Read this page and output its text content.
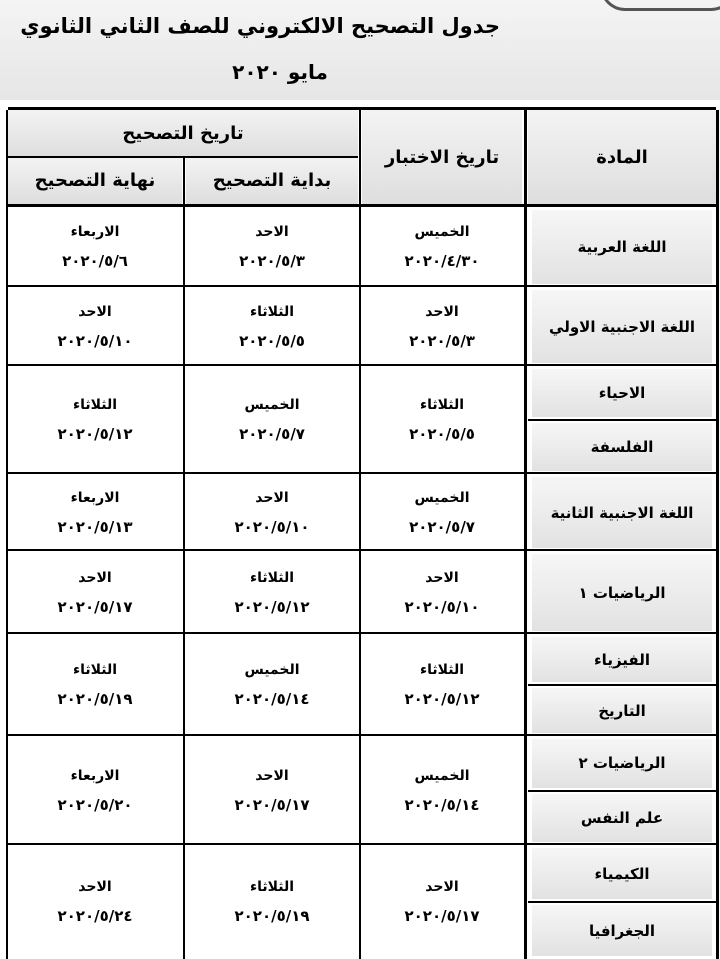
جدول التصحيح الالكتروني للصف الثاني الثانوي
مايو ٢٠٢٠
المادة
تاريخ الاختبار
تاريخ التصحيح
بداية التصحيح
نهاية التصحيح
اللغة العربية
الخميس
٢٠٢٠/٤/٣٠
الاحد
٢٠٢٠/٥/٣
الاربعاء
٢٠٢٠/٥/٦
اللغة الاجنبية الاولي
الاحد
٢٠٢٠/٥/٣
الثلاثاء
٢٠٢٠/٥/٥
الاحد
٢٠٢٠/٥/١٠
الاحياء
الفلسفة
الثلاثاء
٢٠٢٠/٥/٥
الخميس
٢٠٢٠/٥/٧
الثلاثاء
٢٠٢٠/٥/١٢
اللغة الاجنبية الثانية
الخميس
٢٠٢٠/٥/٧
الاحد
٢٠٢٠/٥/١٠
الاربعاء
٢٠٢٠/٥/١٣
الرياضيات ١
الاحد
٢٠٢٠/٥/١٠
الثلاثاء
٢٠٢٠/٥/١٢
الاحد
٢٠٢٠/٥/١٧
الفيزياء
التاريخ
الثلاثاء
٢٠٢٠/٥/١٢
الخميس
٢٠٢٠/٥/١٤
الثلاثاء
٢٠٢٠/٥/١٩
الرياضيات ٢
علم النفس
الخميس
٢٠٢٠/٥/١٤
الاحد
٢٠٢٠/٥/١٧
الاربعاء
٢٠٢٠/٥/٢٠
الكيمياء
الجغرافيا
الاحد
٢٠٢٠/٥/١٧
الثلاثاء
٢٠٢٠/٥/١٩
الاحد
٢٠٢٠/٥/٢٤
